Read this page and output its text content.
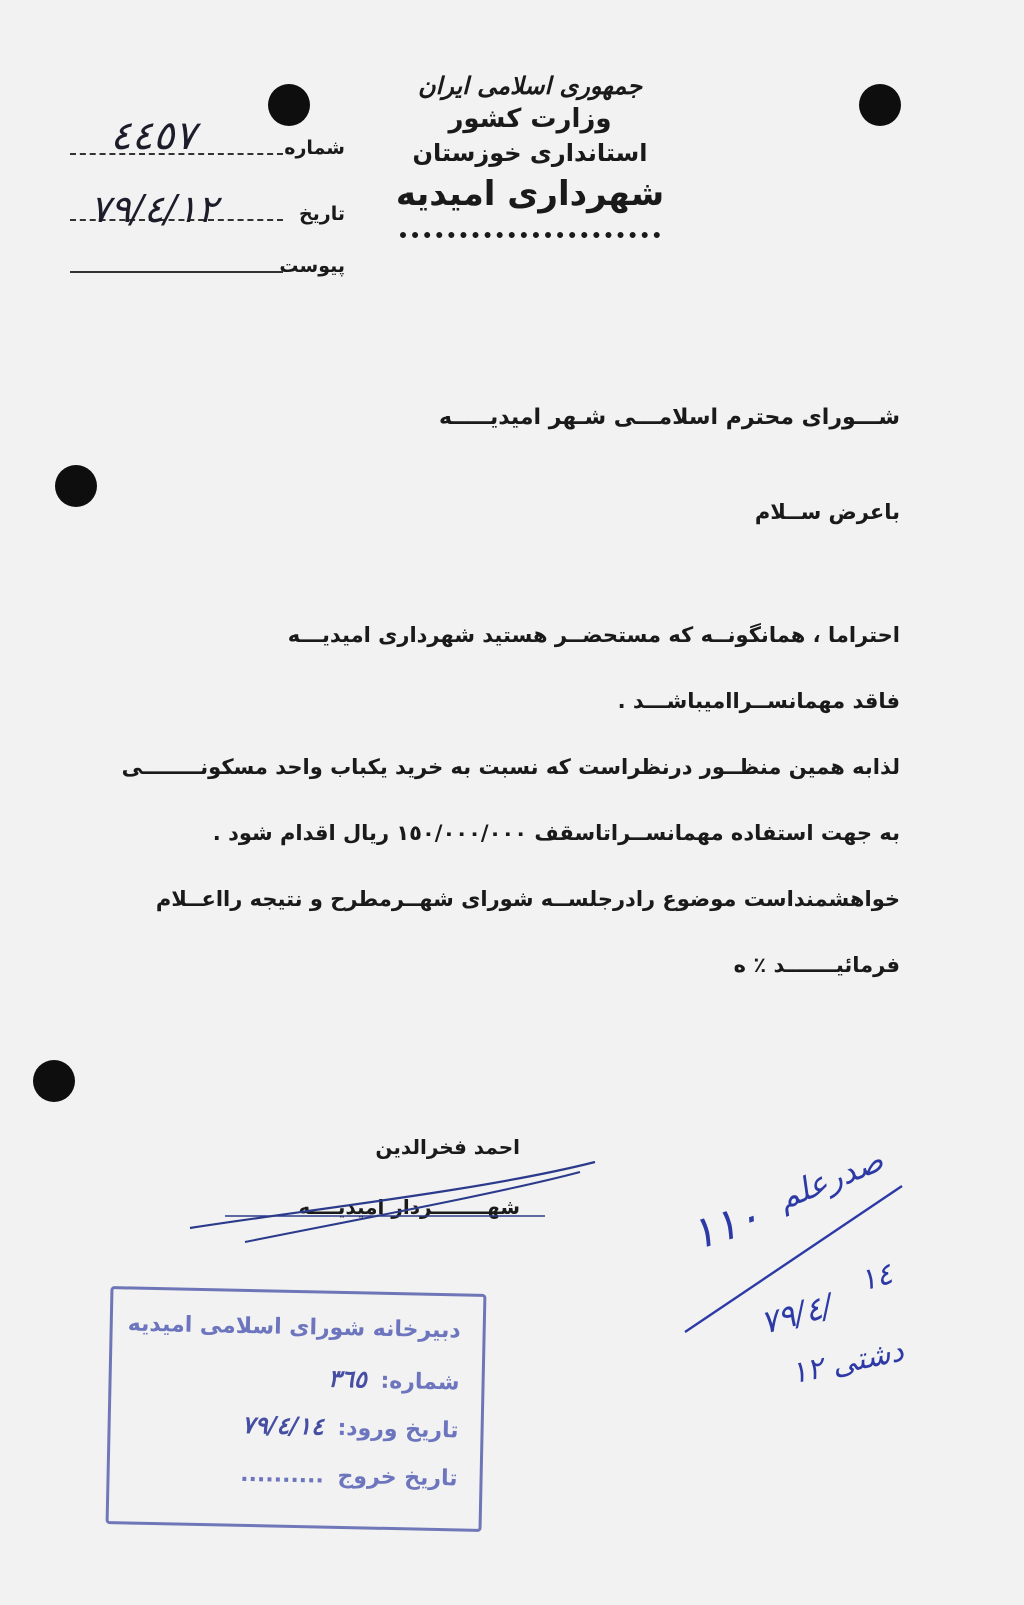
جمهوری اسلامی ایران
وزارت کشور
استانداری خوزستان
شهرداری امیدیه
شماره
٤٤٥٧
تاریخ
٧٩/٤/١٢
پیوست

شـــورای محترم اسلامـــی شـهر امیدیـــــه

باعرض ســلام

احتراما ، همانگونــه که مستحضــر هستید شهرداری امیدیـــه

فاقد مهمانســراامیباشـــد .

لذابه همین منظــور درنظراست که نسبت به خرید یکباب واحد مسکونــــــــی

به جهت استفاده مهمانســراتاسقف ١٥٠/٠٠٠/٠٠٠ ریال اقدام شود .

خواهشمنداست موضوع رادرجلســه شورای شهــرمطرح و نتیجه رااعــلام

فرمائیـــــــد ٪ ه

احمد فخرالدین
شهــــــــردار امیدیــــه
دبیرخانه شورای اسلامی امیدیه
شماره: ٣٦٥
تاریخ ورود: ٧٩/٤/١٤
تاریخ خروج ..........
١١٠
صدرعلم
١٤
٧٩/٤/
دشتی ١٢
